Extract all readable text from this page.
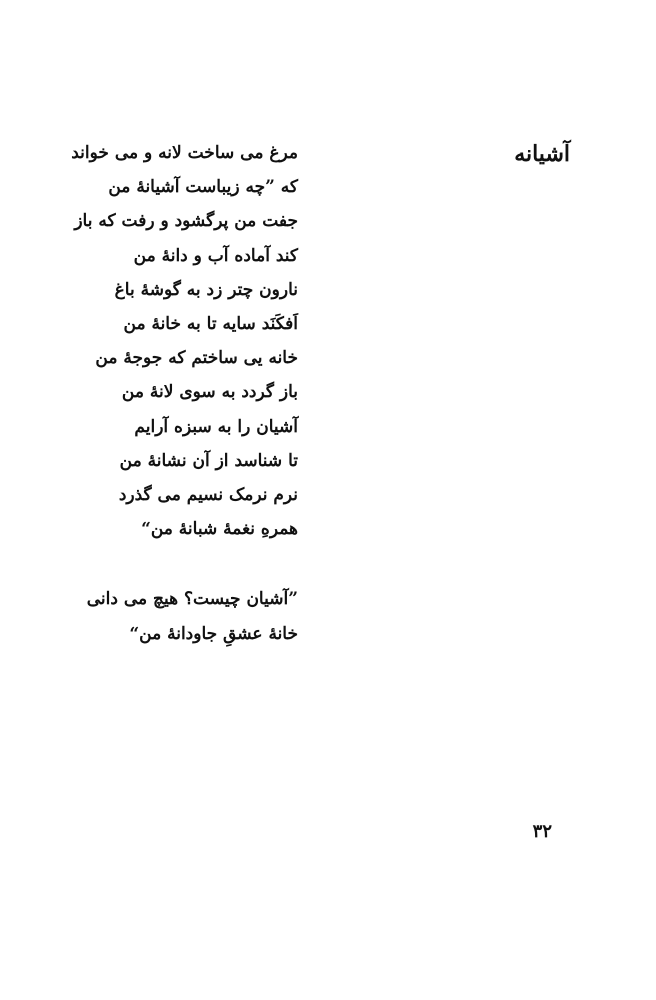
آشیانه
مرغ می ساخت لانه و می خواند
که ”چه زیباست آشیانهٔ من
جفت من پرگشود و رفت که باز
کند آماده آب و دانهٔ من
نارون چتر زد به گوشهٔ باغ
اَفکَنَد سایه تا به خانهٔ من
خانه یی ساختم که جوجهٔ من
باز گردد به سوی لانهٔ من
آشیان را به سبزه آرایم
تا شناسد از آن نشانهٔ من
نرم نرمک نسیم می گذرد
همرهِ نغمهٔ شبانهٔ من“
”آشیان چیست؟ هیچ می دانی
خانهٔ عشقِ جاودانهٔ من“
۳۲
